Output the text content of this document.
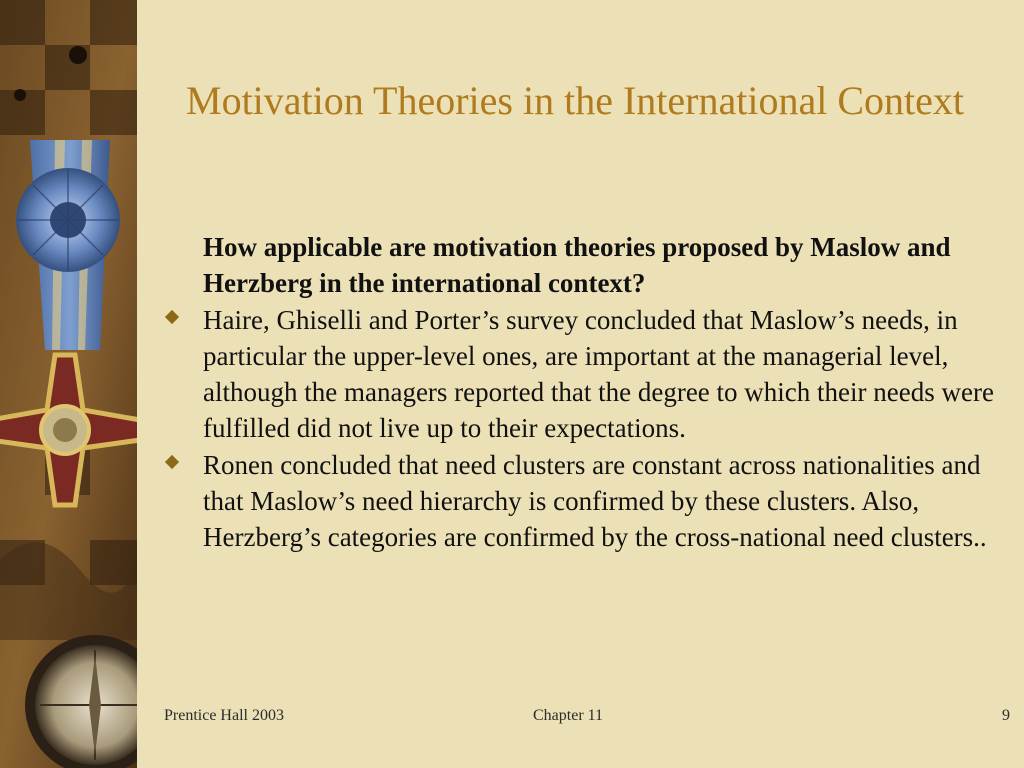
Motivation Theories in the International Context
How applicable are motivation theories proposed by Maslow and Herzberg in the international context?
Haire, Ghiselli and Porter’s survey concluded that Maslow’s needs, in particular the upper-level ones, are important at the managerial level, although the managers reported that the degree to which their needs were fulfilled did not live up to their expectations.
Ronen concluded that need clusters are constant across nationalities and that Maslow’s need hierarchy is confirmed by these clusters. Also, Herzberg’s categories are confirmed by the cross-national need clusters..
Prentice Hall 2003	Chapter 11	9
